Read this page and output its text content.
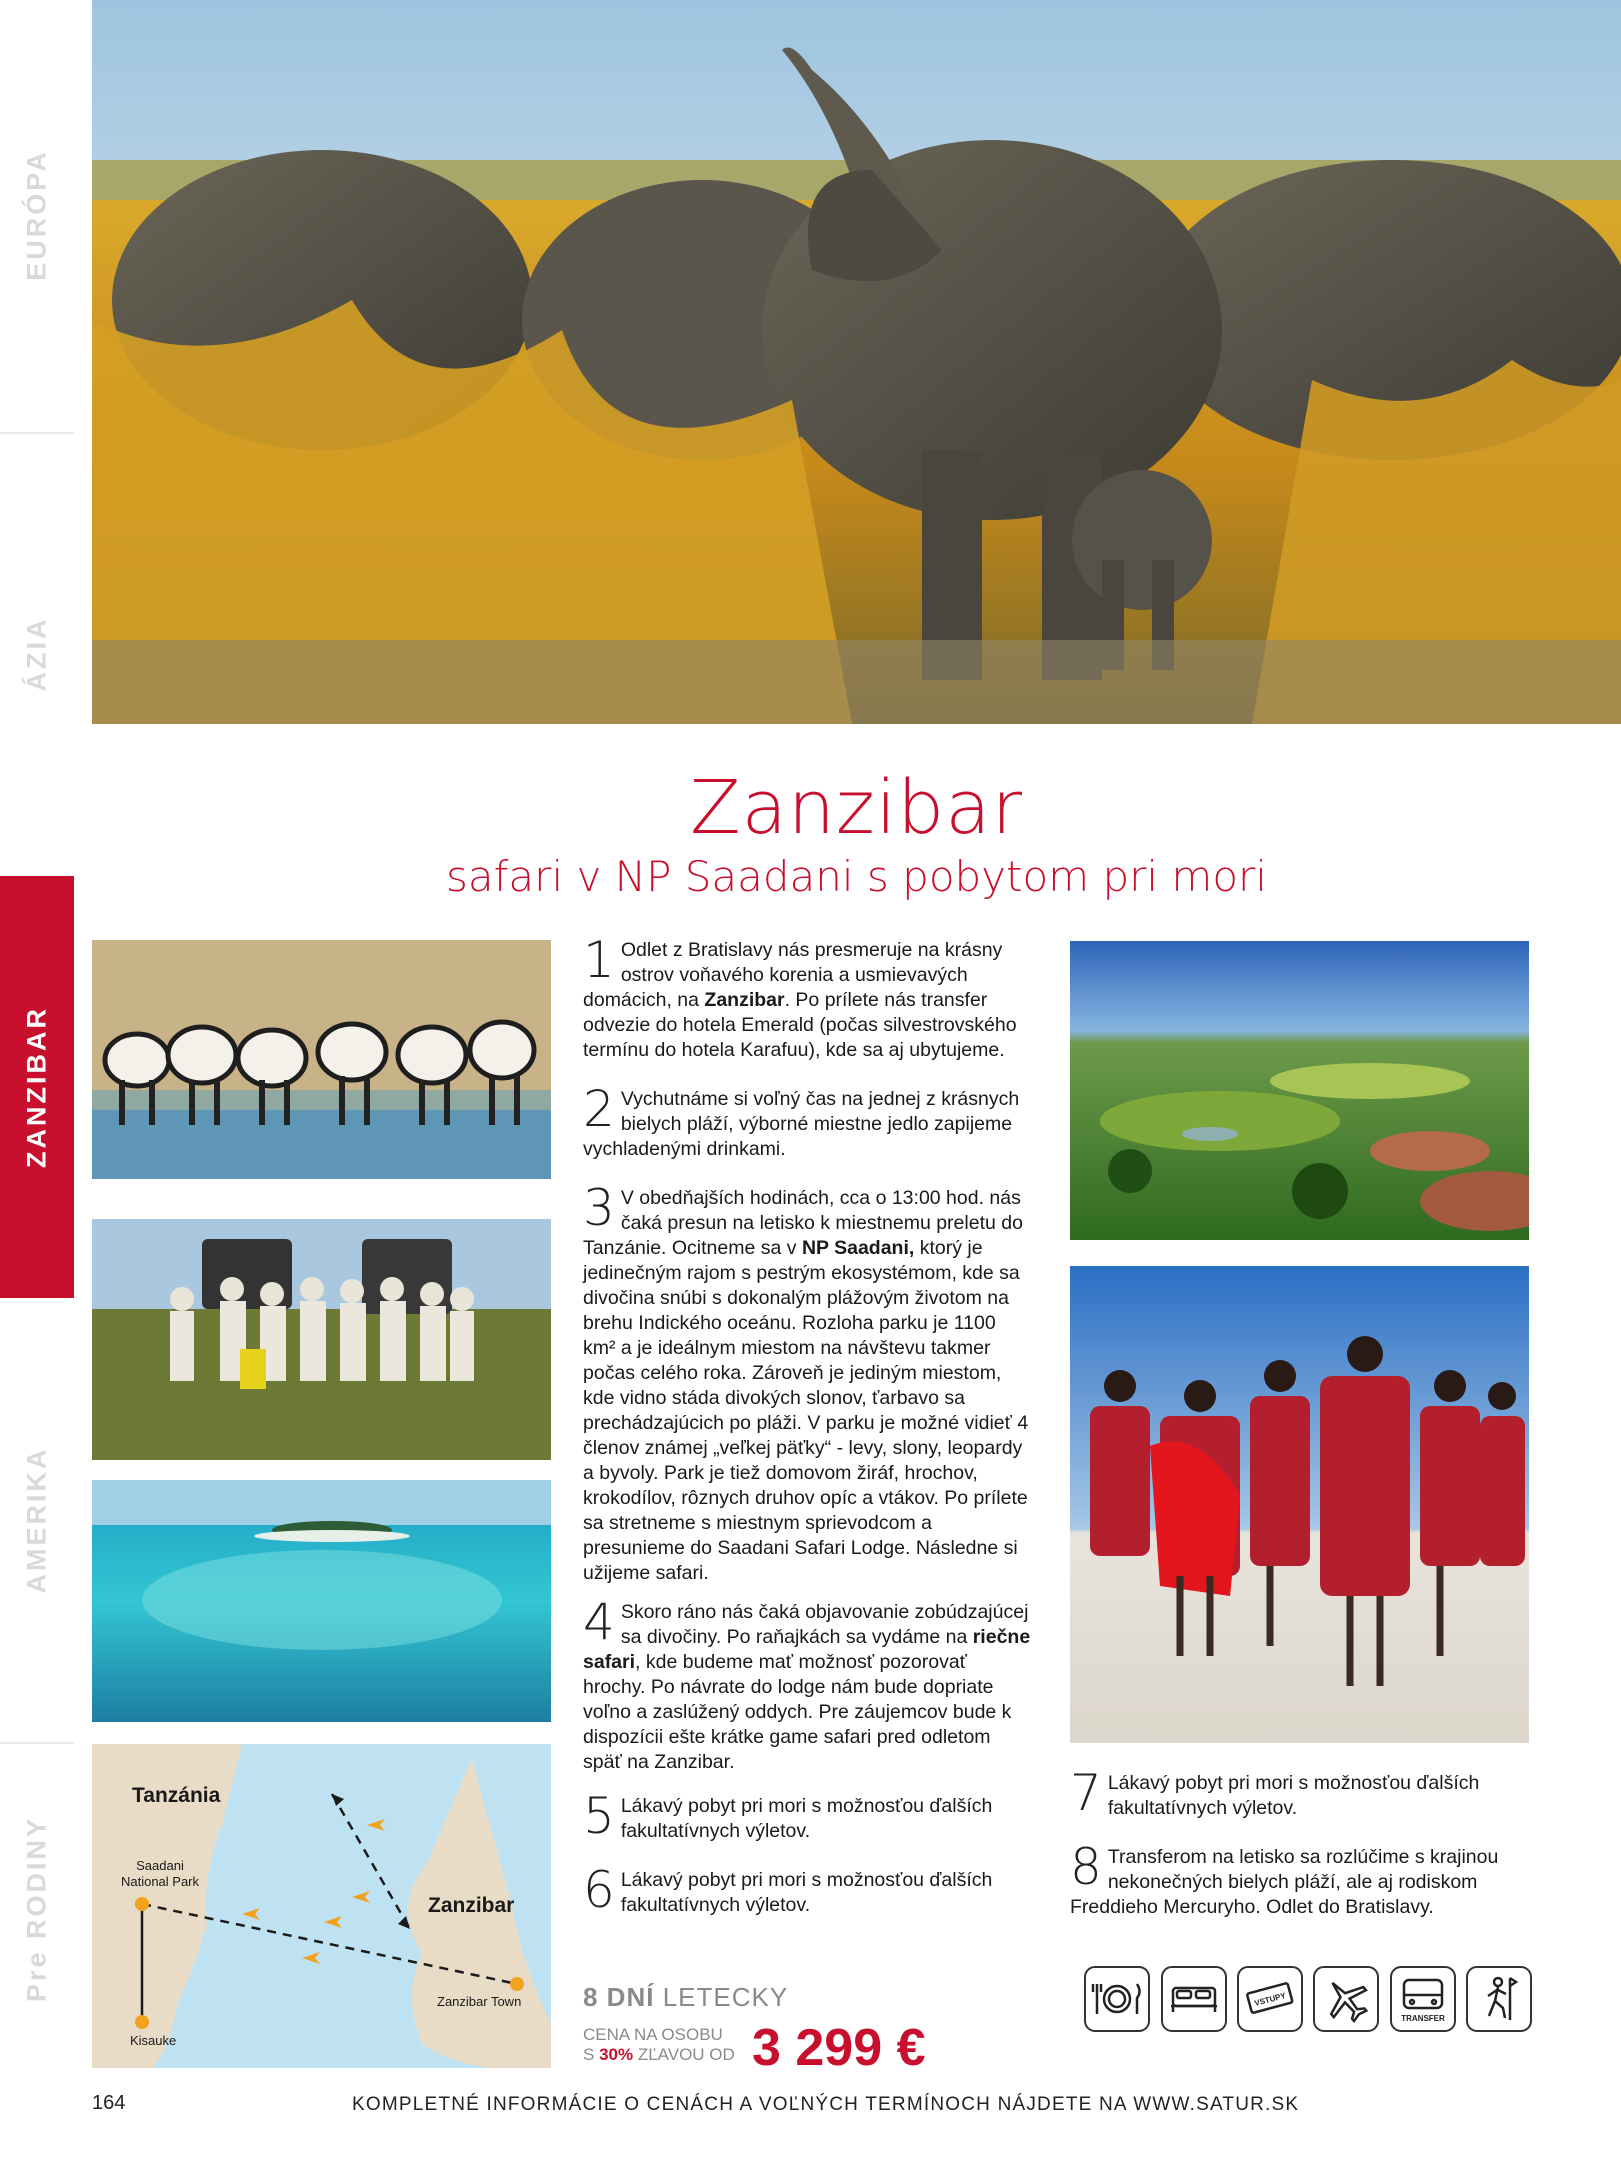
EURÓPA
ÁZIA
ZANZIBAR
AMERIKA
Pre RODINY
Zanzibar
safari v NP Saadani s pobytom pri mori
Tanzánia
Zanzibar
Saadani National Park
Zanzibar Town
Kisauke
1 Odlet z Bratislavy nás presmeruje na krásny ostrov voňavého korenia a usmievavých domácich, na Zanzibar. Po prílete nás transfer odvezie do hotela Emerald (počas silvestrovského termínu do hotela Karafuu), kde sa aj ubytujeme.
2 Vychutnáme si voľný čas na jednej z krásnych bielych pláží, výborné miestne jedlo zapijeme vychladenými drinkami.
3 V obedňajších hodinách, cca o 13:00 hod. nás čaká presun na letisko k miestnemu preletu do Tanzánie. Ocitneme sa v NP Saadani, ktorý je jedinečným rajom s pestrým ekosystémom, kde sa divočina snúbi s dokonalým plážovým životom na brehu Indického oceánu. Rozloha parku je 1100 km² a je ideálnym miestom na návštevu takmer počas celého roka. Zároveň je jediným miestom, kde vidno stáda divokých slonov, ťarbavo sa prechádzajúcich po pláži. V parku je možné vidieť 4 členov známej „veľkej päťky“ - levy, slony, leopardy a byvoly. Park je tiež domovom žiráf, hrochov, krokodílov, rôznych druhov opíc a vtákov. Po prílete sa stretneme s miestnym sprievodcom a presunieme do Saadani Safari Lodge. Následne si užijeme safari.
4 Skoro ráno nás čaká objavovanie zobúdzajúcej sa divočiny. Po raňajkách sa vydáme na riečne safari, kde budeme mať možnosť pozorovať hrochy. Po návrate do lodge nám bude dopriate voľno a zaslúžený oddych. Pre záujemcov bude k dispozícii ešte krátke game safari pred odletom späť na Zanzibar.
5 Lákavý pobyt pri mori s možnosťou ďalších fakultatívnych výletov.
6 Lákavý pobyt pri mori s možnosťou ďalších fakultatívnych výletov.
7 Lákavý pobyt pri mori s možnosťou ďalších fakultatívnych výletov.
8 Transferom na letisko sa rozlúčime s krajinou nekonečných bielych pláží, ale aj rodiskom Freddieho Mercuryho. Odlet do Bratislavy.
8 DNÍ LETECKY
CENA NA OSOBU
S 30% ZĽAVOU OD 3 299 €
VSTUPY
TRANSFER
164	KOMPLETNÉ INFORMÁCIE O CENÁCH A VOĽNÝCH TERMÍNOCH NÁJDETE NA WWW.SATUR.SK
